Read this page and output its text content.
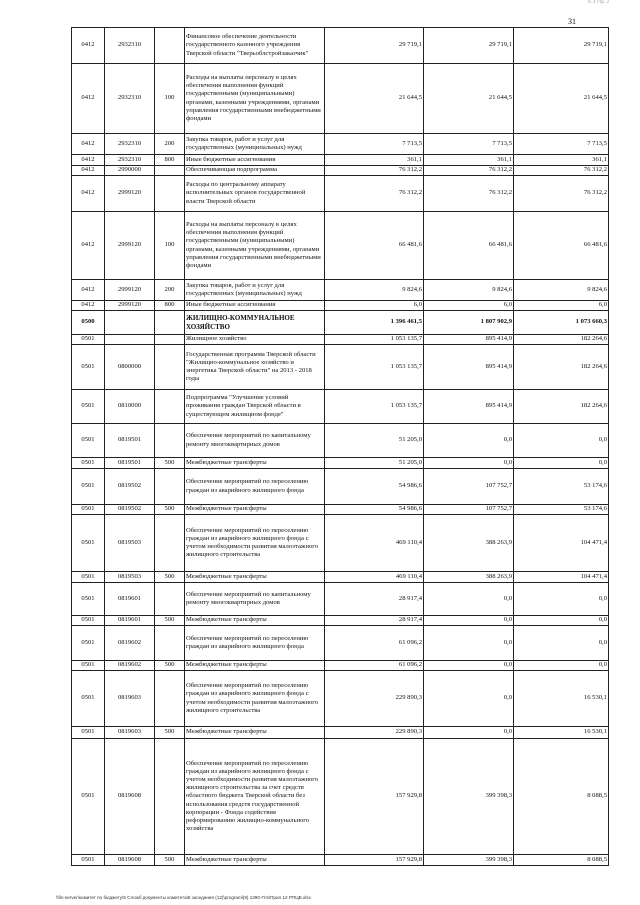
п. 4 стр. 2
31
0412	2932310		Финансовое обеспечение деятельности государственного казенного учреждения Тверской области "Тверьоблстройзаказчик"	29 719,1	29 719,1	29 719,1
0412	2932310	100	Расходы на выплаты персоналу в целях обеспечения выполнения функций государственными (муниципальными) органами, казенными учреждениями, органами управления государственными внебюджетными фондами	21 644,5	21 644,5	21 644,5
0412	2932310	200	Закупка товаров, работ и услуг для государственных (муниципальных) нужд	7 713,5	7 713,5	7 713,5
0412	2932310	800	Иные бюджетные ассигнования	361,1	361,1	361,1
0412	2990000		Обеспечивающая подпрограмма	76 312,2	76 312,2	76 312,2
0412	2999120		Расходы по центральному аппарату исполнительных органов государственной власти Тверской области	76 312,2	76 312,2	76 312,2
0412	2999120	100	Расходы на выплаты персоналу в целях обеспечения выполнения функций государственными (муниципальными) органами, казенными учреждениями, органами управления государственными внебюджетными фондами	66 481,6	66 481,6	66 481,6
0412	2999120	200	Закупка товаров, работ и услуг для государственных (муниципальных) нужд	9 824,6	9 824,6	9 824,6
0412	2999120	800	Иные бюджетные ассигнования	6,0	6,0	6,0
0500			ЖИЛИЩНО-КОММУНАЛЬНОЕ ХОЗЯЙСТВО	1 396 461,5	1 807 902,9	1 073 660,3
0501			Жилищное хозяйство	1 053 135,7	895 414,9	182 264,6
0501	0800000		Государственная программа Тверской области "Жилищно-коммунальное хозяйство и энергетика Тверской области" на 2013 - 2018 годы	1 053 135,7	895 414,9	182 264,6
0501	0810000		Подпрограмма "Улучшение условий проживания граждан Тверской области в существующем жилищном фонде"	1 053 135,7	895 414,9	182 264,6
0501	0819501		Обеспечение мероприятий по капитальному ремонту многоквартирных домов	51 205,0	0,0	0,0
0501	0819501	500	Межбюджетные трансферты	51 205,0	0,0	0,0
0501	0819502		Обеспечение мероприятий по переселению граждан из аварийного жилищного фонда	54 986,6	107 752,7	53 174,6
0501	0819502	500	Межбюджетные трансферты	54 986,6	107 752,7	53 174,6
0501	0819503		Обеспечение мероприятий по переселению граждан из аварийного жилищного фонда с учетом необходимости развития малоэтажного жилищного строительства	469 110,4	388 263,9	104 471,4
0501	0819503	500	Межбюджетные трансферты	469 110,4	388 263,9	104 471,4
0501	0819601		Обеспечение мероприятий по капитальному ремонту многоквартирных домов	28 917,4	0,0	0,0
0501	0819601	500	Межбюджетные трансферты	28 917,4	0,0	0,0
0501	0819602		Обеспечение мероприятий по переселению граждан из аварийного жилищного фонда	61 096,2	0,0	0,0
0501	0819602	500	Межбюджетные трансферты	61 096,2	0,0	0,0
0501	0819603		Обеспечение мероприятий по переселению граждан из аварийного жилищного фонда с учетом необходимости развития малоэтажного жилищного строительства	229 890,3	0,0	16 530,1
0501	0819603	500	Межбюджетные трансферты	229 890,3	0,0	16 530,1
0501	0819608		Обеспечение мероприятий по переселению граждан из аварийного жилищного фонда с учетом необходимости развития малоэтажного жилищного строительства за счет средств областного бюджета Тверской области без использования средств государственной корпорации - Фонда содействия реформированию жилищно-коммунального хозяйства	157 929,8	399 398,3	8 088,5
0501	0819608	500	Межбюджетные трансферты	157 929,8	399 398,3	8 088,5
\\fin-server\комитет по бюджету\5 Сложб документы комитета\8 заседания (12)\programl(9) 1390-П-5\Прил 12 РПЦВ.xlsx
